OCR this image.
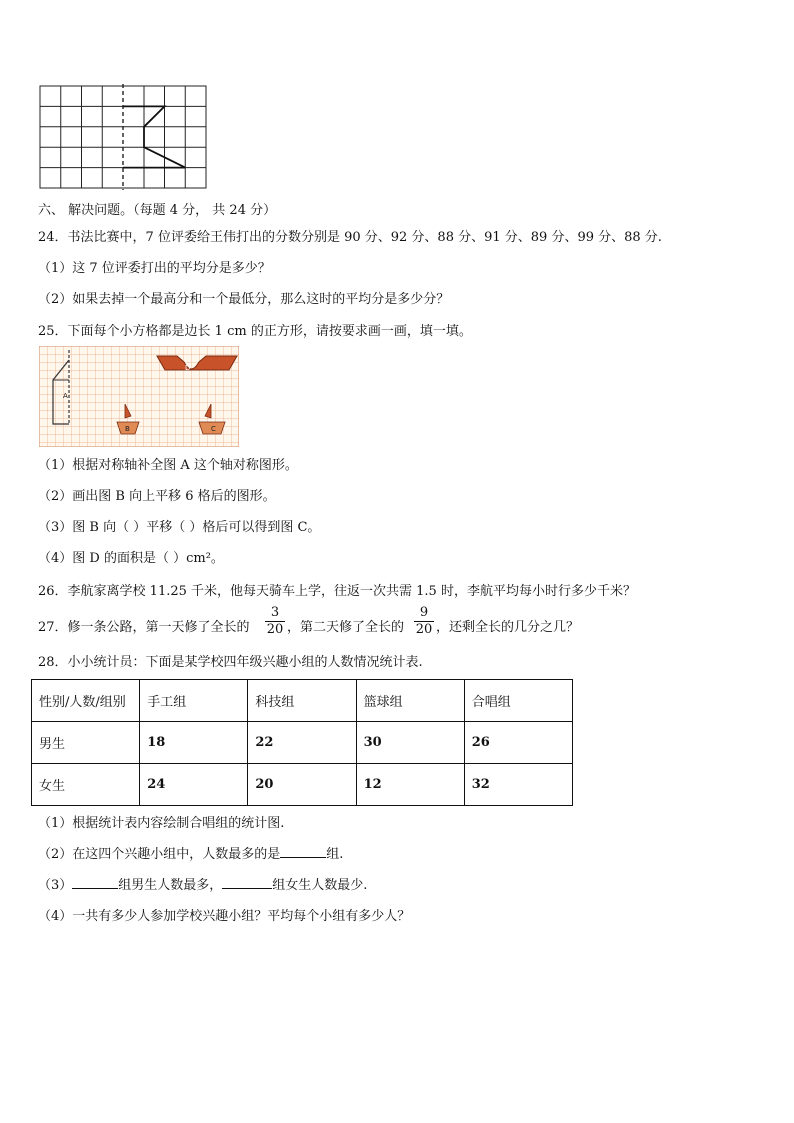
六、 解决问题。（每题 4 分， 共 24 分）
24．书法比赛中，7 位评委给王伟打出的分数分别是 90 分、92 分、88 分、91 分、89 分、99 分、88 分.
（1）这 7 位评委打出的平均分是多少？
（2）如果去掉一个最高分和一个最低分，那么这时的平均分是多少分？
25．下面每个小方格都是边长 1 cm 的正方形，请按要求画一画，填一填。
A
D
B	C
（1）根据对称轴补全图 A 这个轴对称图形。
（2）画出图 B 向上平移 6 格后的图形。
（3）图 B 向（ ）平移（ ）格后可以得到图 C。
（4）图 D 的面积是（ ）cm²。
26．李航家离学校 11.25 千米，他每天骑车上学，往返一次共需 1.5 时，李航平均每小时行多少千米？
27．修一条公路，第一天修了全长的 $\frac{3}{20}$ ，第二天修了全长的 $\frac{9}{20}$ ，还剩全长的几分之几？
28．小小统计员：下面是某学校四年级兴趣小组的人数情况统计表.
性别/人数/组别	手工组	科技组	篮球组	合唱组
男生	18	22	30	26
女生	24	20	12	32
（1）根据统计表内容绘制合唱组的统计图.
（2）在这四个兴趣小组中，人数最多的是	组.
（3）	组男生人数最多，	组女生人数最少.
（4）一共有多少人参加学校兴趣小组？平均每个小组有多少人？
